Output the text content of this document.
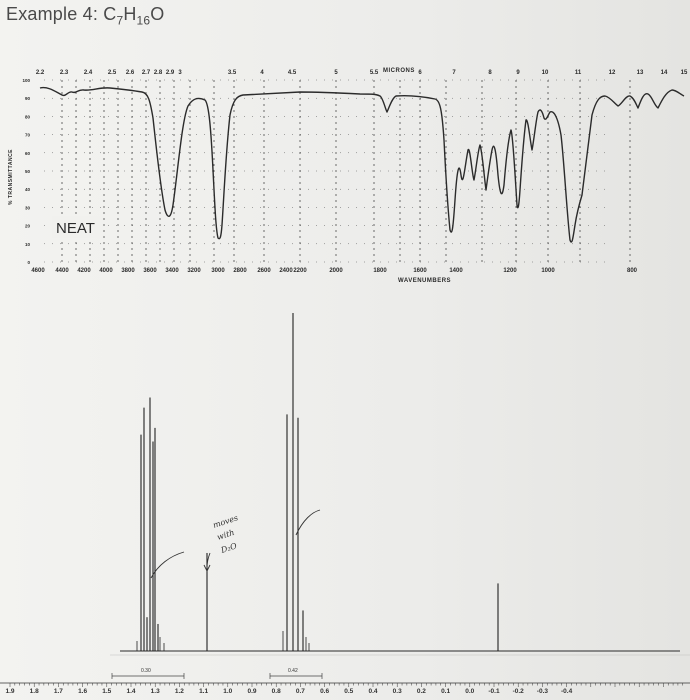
Example 4: $C_7H_{16}O$
2.2	2.3	2.4	2.5 2.6 2.7 2.8 2.9 3	3.5	4	4.5	5	5.5	6	7	8	9	10	11	12	13	14 15
4600 4400 4200 4000 3800 3600 3400 3200 3000 2800 2600 2400 2200	2000	1800	1600	1400	1200	1000	800
100
90
80
70
60
50
40
30
20
10
0
MICRONS
WAVENUMBERS
% TRANSMITTANCE
NEAT
1.9 1.8 1.7 1.6 1.5 1.4 1.3 1.2 1.1 1.0 0.9 0.8 0.7 0.6 0.5 0.4 0.3 0.2 0.1 0.0 -0.1 -0.2 -0.3 -0.4
0.30	0.42
moves
with
D₂O
